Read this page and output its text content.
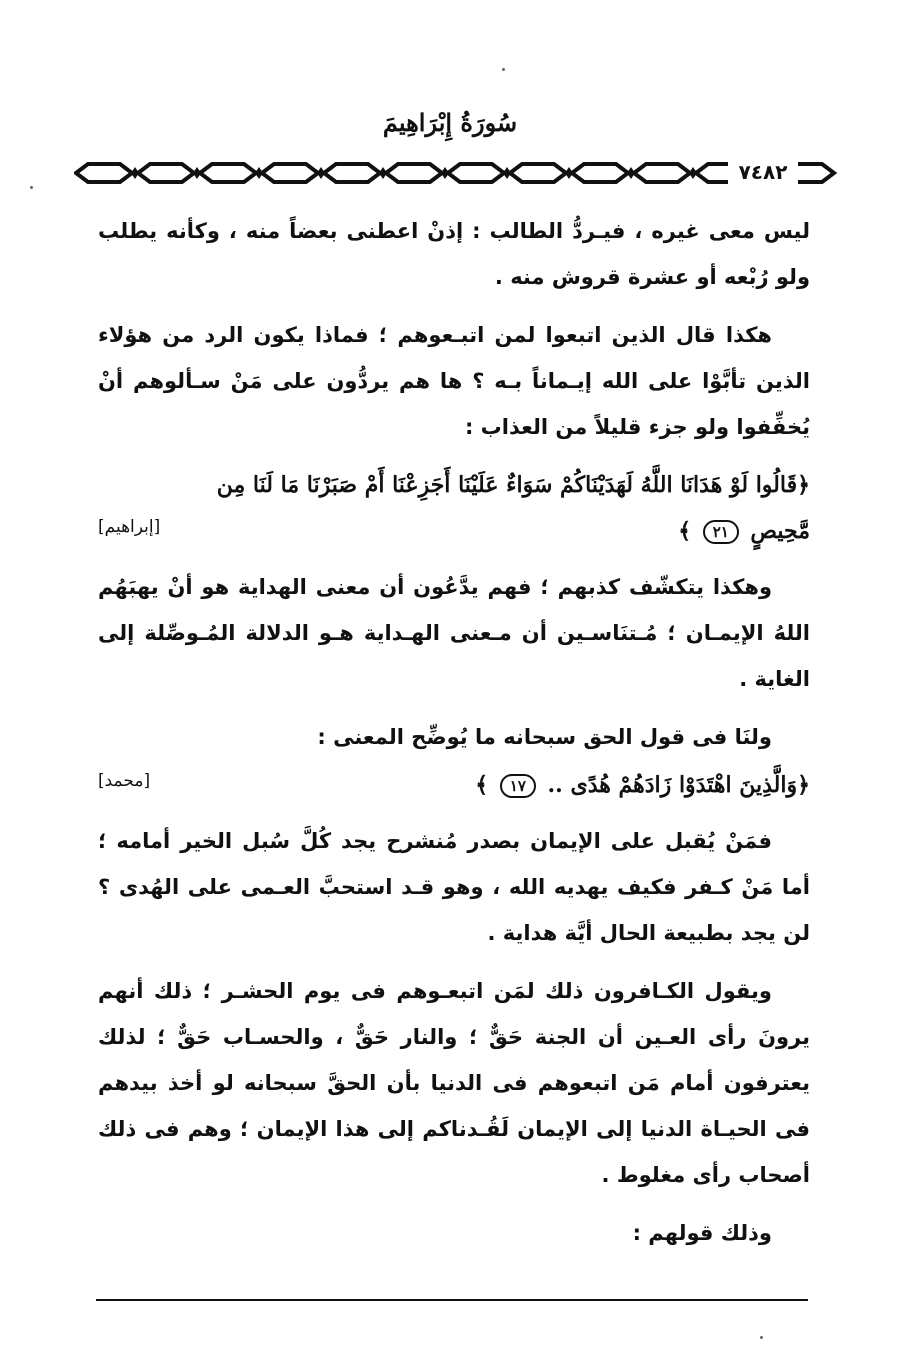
سُورَةُ إِبْرَاهِيمَ
٧٤٨٢

ليس معى غيره ، فيـردُّ الطالب : إذنْ اعطنى بعضاً منه ، وكأنه يطلب ولو رُبْعه أو عشرة قروش منه .

هكذا قال الذين اتبعوا لمن اتبـعوهم ؛ فماذا يكون الرد من هؤلاء الذين تأبَّوْا على الله إيـماناً بـه ؟ ها هم يردُّون على مَنْ سـألوهم أنْ يُخفِّفوا ولو جزء قليلاً من العذاب :

﴿قَالُوا لَوْ هَدَانَا اللَّهُ لَهَدَيْنَاكُمْ سَوَاءٌ عَلَيْنَا أَجَزِعْنَا أَمْ صَبَرْنَا مَا لَنَا مِن
مَّحِيصٍ ٢١ ﴾
[إبراهيم]

وهكذا يتكشّف كذبهم ؛ فهم يدَّعُون أن معنى الهداية هو أنْ يهبَهُم اللهُ الإيمـان ؛ مُـتنَاسـين أن مـعنى الهـداية هـو الدلالة المُـوصِّلة إلى الغاية .

ولنَا فى قول الحق سبحانه ما يُوضِّح المعنى :

﴿وَالَّذِينَ اهْتَدَوْا زَادَهُمْ هُدًى .. ١٧ ﴾
[محمد]

فمَنْ يُقبل على الإيمان بصدر مُنشرح يجد كُلَّ سُبل الخير أمامه ؛ أما مَنْ كـفر فكيف يهديه الله ، وهو قـد استحبَّ العـمى على الهُدى ؟ لن يجد بطبيعة الحال أيَّة هداية .

ويقول الكـافرون ذلك لمَن اتبعـوهم فى يوم الحشـر ؛ ذلك أنهم يرونَ رأى العـين أن الجنة حَقٌّ ؛ والنار حَقٌّ ، والحسـاب حَقٌّ ؛ لذلك يعترفون أمام مَن اتبعوهم فى الدنيا بأن الحقَّ سبحانه لو أخذ بيدهم فى الحيـاة الدنيا إلى الإيمان لَقُـدناكم إلى هذا الإيمان ؛ وهم فى ذلك أصحاب رأى مغلوط .

وذلك قولهم :
